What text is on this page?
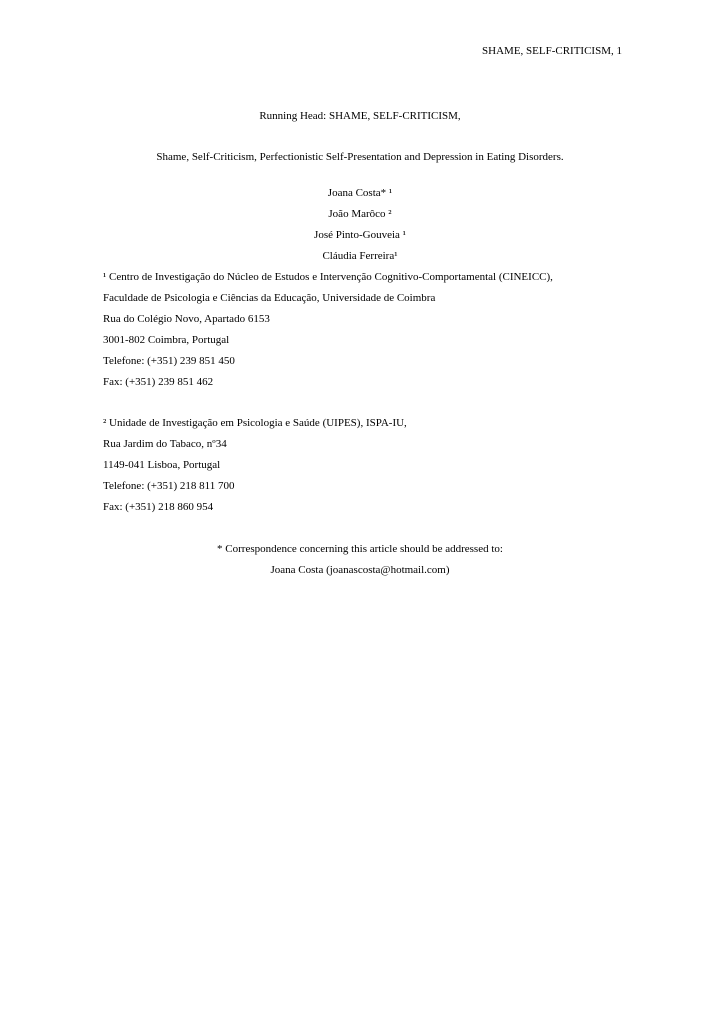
SHAME, SELF-CRITICISM, 1
Running Head: SHAME, SELF-CRITICISM,
Shame, Self-Criticism, Perfectionistic Self-Presentation and Depression in Eating Disorders.
Joana Costa* ¹
João Marôco ²
José Pinto-Gouveia ¹
Cláudia Ferreira¹
¹ Centro de Investigação do Núcleo de Estudos e Intervenção Cognitivo-Comportamental (CINEICC),
Faculdade de Psicologia e Ciências da Educação, Universidade de Coimbra
Rua do Colégio Novo, Apartado 6153
3001-802 Coimbra, Portugal
Telefone: (+351) 239 851 450
Fax: (+351) 239 851 462
² Unidade de Investigação em Psicologia e Saúde (UIPES), ISPA-IU,
Rua Jardim do Tabaco, nº34
1149-041 Lisboa, Portugal
Telefone: (+351) 218 811 700
Fax: (+351) 218 860 954
* Correspondence concerning this article should be addressed to:
Joana Costa (joanascosta@hotmail.com)
